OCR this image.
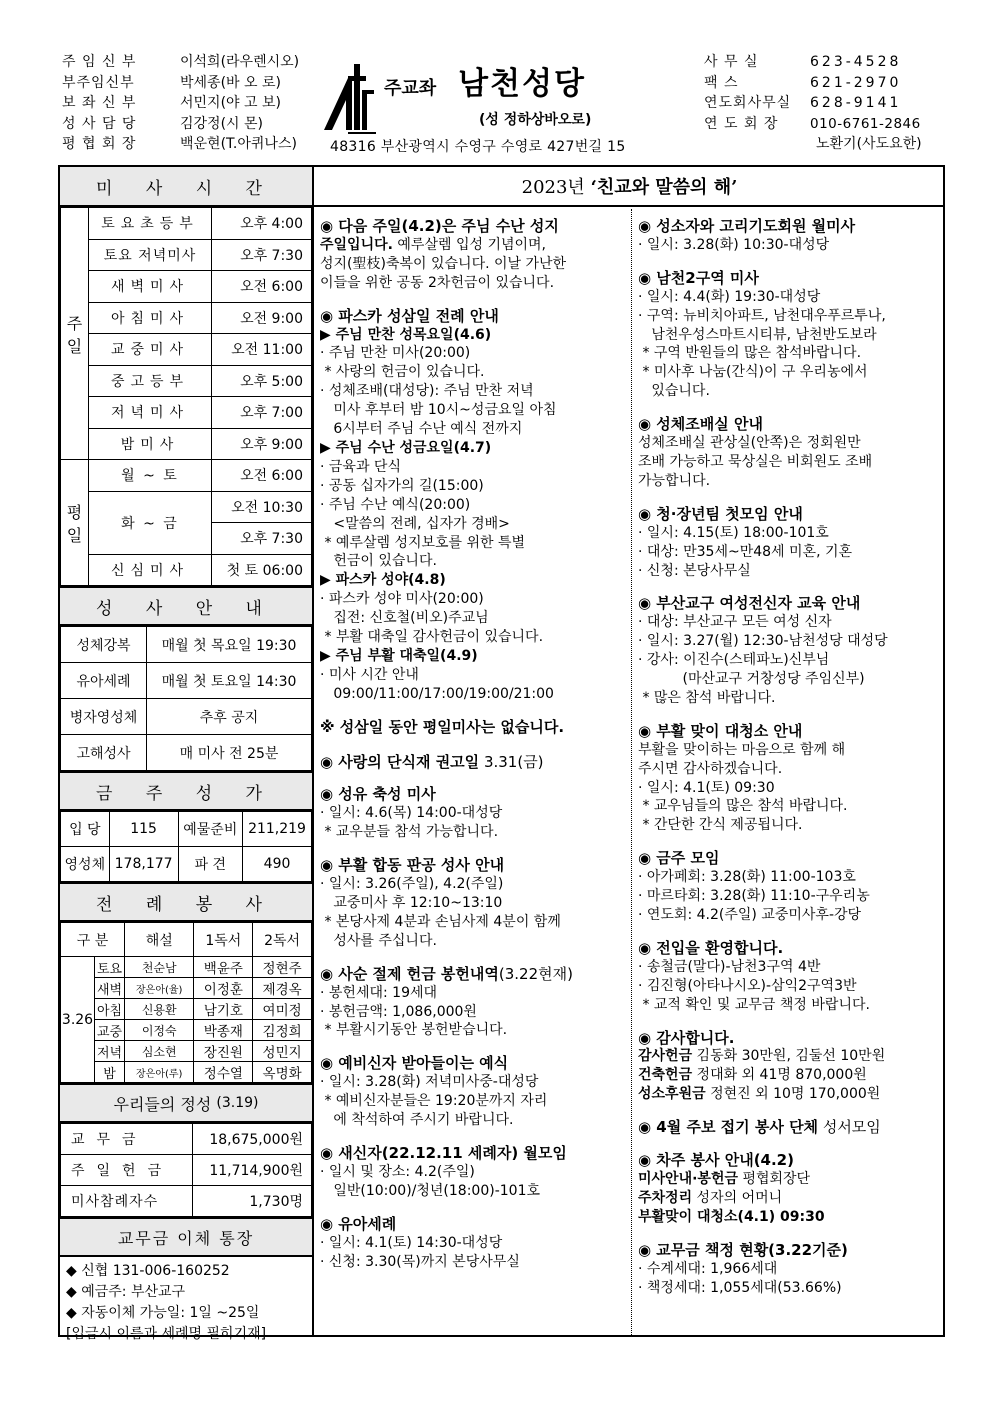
주 임 신 부	이석희(라우렌시오)
부주임신부	박세종(바 오 로)
보 좌 신 부	서민지(야 고 보)
성 사 담 당	김강정(시 몬)
평 협 회 장	백운현(T.아퀴나스)
주교좌 남천성당
(성 정하상바오로)
48316 부산광역시 수영구 수영로 427번길 15
사 무 실	623-4528
팩 스	621-2970
연도회사무실	628-9141
연 도 회 장	010-6761-2846
노환기(사도요한)
미 사 시 간
주일	토요초등부	오후 4:00
	토요 저녁미사	오후 7:30
	새벽미사	오전 6:00
	아침미사	오전 9:00
	교중미사	오전 11:00
	중고등부	오후 5:00
	저녁미사	오후 7:00
	밤미사	오후 9:00
평일	월 ~ 토	오전 6:00
	화 ~ 금	오전 10:30
		오후 7:30
	신심미사	첫 토 06:00
성 사 안 내
성체강복	매월 첫 목요일 19:30
유아세례	매월 첫 토요일 14:30
병자영성체	추후 공지
고해성사	매 미사 전 25분
금 주 성 가
입 당	115	예물준비	211,219
영성체	178,177	파 견	490
전 례 봉 사
구 분		해설	1독서	2독서
3.26	토요	천순남	백윤주	정현주
	새벽	장은아(율)	이정훈	제경옥
	아침	신용환	남기호	여미정
	교중	이정숙	박종재	김정희
	저녁	심소현	장진원	성민지
	밤	장은아(루)	정수열	옥명화
우리들의 정성
(3.19)
교무금	18,675,000원
주일헌금	11,714,900원
미사참례자수	1,730명
교무금 이체 통장
◆ 신협 131-006-160252
◆ 예금주: 부산교구
◆ 자동이체 가능일: 1일 ~25일
[입금시 이름과 세례명 필히기재]
2023년
‘친교와 말씀의 해’
◉ 다음 주일(4.2)은 주님 수난 성지
주일입니다. 예루살렘 입성 기념이며,
성지(聖枝)축복이 있습니다. 이날 가난한
이들을 위한 공동 2차헌금이 있습니다.
◉ 파스카 성삼일 전례 안내
▶ 주님 만찬 성목요일(4.6)
· 주님 만찬 미사(20:00)
* 사랑의 헌금이 있습니다.
· 성체조배(대성당): 주님 만찬 저녁
미사 후부터 밤 10시~성금요일 아침
6시부터 주님 수난 예식 전까지
▶ 주님 수난 성금요일(4.7)
· 금육과 단식
· 공동 십자가의 길(15:00)
· 주님 수난 예식(20:00)
<말씀의 전례, 십자가 경배>
* 예루살렘 성지보호를 위한 특별
헌금이 있습니다.
▶ 파스카 성야(4.8)
· 파스카 성야 미사(20:00)
집전: 신호철(비오)주교님
* 부활 대축일 감사헌금이 있습니다.
▶ 주님 부활 대축일(4.9)
· 미사 시간 안내
09:00/11:00/17:00/19:00/21:00
※ 성삼일 동안 평일미사는 없습니다.
◉ 사랑의 단식재 권고일 3.31(금)
◉ 성유 축성 미사
· 일시: 4.6(목) 14:00-대성당
* 교우분들 참석 가능합니다.
◉ 부활 합동 판공 성사 안내
· 일시: 3.26(주일), 4.2(주일)
교중미사 후 12:10~13:10
* 본당사제 4분과 손님사제 4분이 함께
성사를 주십니다.
◉ 사순 절제 헌금 봉헌내역(3.22현재)
· 봉헌세대: 19세대
· 봉헌금액: 1,086,000원
* 부활시기동안 봉헌받습니다.
◉ 예비신자 받아들이는 예식
· 일시: 3.28(화) 저녁미사중-대성당
* 예비신자분들은 19:20분까지 자리
에 착석하여 주시기 바랍니다.
◉ 새신자(22.12.11 세례자) 월모임
· 일시 및 장소: 4.2(주일)
일반(10:00)/청년(18:00)-101호
◉ 유아세례
· 일시: 4.1(토) 14:30-대성당
· 신청: 3.30(목)까지 본당사무실
◉ 성소자와 고리기도회원 월미사
· 일시: 3.28(화) 10:30-대성당
◉ 남천2구역 미사
· 일시: 4.4(화) 19:30-대성당
· 구역: 뉴비치아파트, 남천대우푸르투나,
남천우성스마트시티뷰, 남천반도보라
* 구역 반원들의 많은 참석바랍니다.
* 미사후 나눔(간식)이 구 우리농에서
있습니다.
◉ 성체조배실 안내
성체조배실 관상실(안쪽)은 정회원만
조배 가능하고 묵상실은 비회원도 조배
가능합니다.
◉ 청·장년팀 첫모임 안내
· 일시: 4.15(토) 18:00-101호
· 대상: 만35세~만48세 미혼, 기혼
· 신청: 본당사무실
◉ 부산교구 여성전신자 교육 안내
· 대상: 부산교구 모든 여성 신자
· 일시: 3.27(월) 12:30-남천성당 대성당
· 강사: 이진수(스테파노)신부님
(마산교구 거창성당 주임신부)
* 많은 참석 바랍니다.
◉ 부활 맞이 대청소 안내
부활을 맞이하는 마음으로 함께 해
주시면 감사하겠습니다.
· 일시: 4.1(토) 09:30
* 교우님들의 많은 참석 바랍니다.
* 간단한 간식 제공됩니다.
◉ 금주 모임
· 아가페회: 3.28(화) 11:00-103호
· 마르타회: 3.28(화) 11:10-구우리농
· 연도회: 4.2(주일) 교중미사후-강당
◉ 전입을 환영합니다.
· 송철금(말다)-남천3구역 4반
· 김진형(아타나시오)-삼익2구역3반
* 교적 확인 및 교무금 책정 바랍니다.
◉ 감사합니다.
감사헌금 김동화 30만원, 김둘선 10만원
건축헌금 정대화 외 41명 870,000원
성소후원금 정현진 외 10명 170,000원
◉ 4월 주보 접기 봉사 단체 성서모임
◉ 차주 봉사 안내(4.2)
미사안내·봉헌금 평협회장단
주차정리 성자의 어머니
부활맞이 대청소(4.1) 09:30
◉ 교무금 책정 현황(3.22기준)
· 수계세대: 1,966세대
· 책정세대: 1,055세대(53.66%)
